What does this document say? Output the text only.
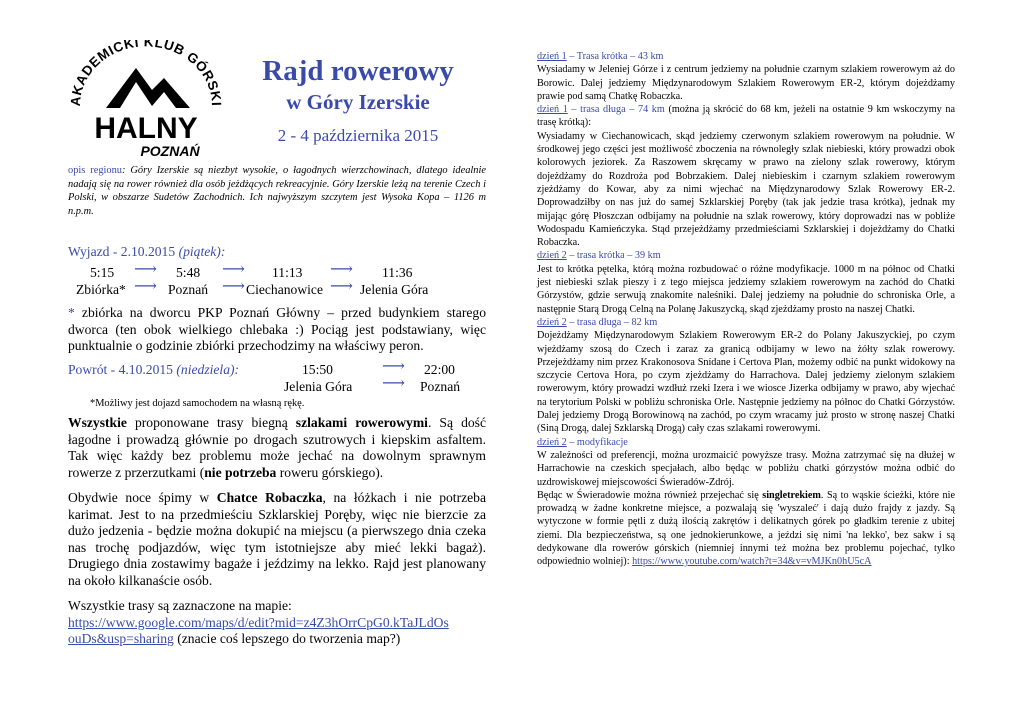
AKADEMICKI KLUB GÓRSKI
HALNY
POZNAŃ
Rajd rowerowy
w Góry Izerskie
2 - 4 października 2015
opis regionu: Góry Izerskie są niezbyt wysokie, o łagodnych wierzchowinach, dlatego idealnie nadają się na rower również dla osób jeżdżących rekreacyjnie. Góry Izerskie leżą na terenie Czech i Polski, w obszarze Sudetów Zachodnich. Ich najwyższym szczytem jest Wysoka Kopa – 1126 m n.p.m.
Wyjazd - 2.10.2015 (piątek):
5:15 ⟶ 5:48 ⟶ 11:13 ⟶ 11:36
Zbiórka* ⟶ Poznań ⟶ Ciechanowice ⟶ Jelenia Góra
* zbiórka na dworcu PKP Poznań Główny – przed budynkiem starego dworca (ten obok wielkiego chlebaka :) Pociąg jest podstawiany, więc punktualnie o godzinie zbiórki przechodzimy na właściwy peron.
Powrót - 4.10.2015 (niedziela):	15:50	⟶ 22:00
Jelenia Góra ⟶ Poznań
*Możliwy jest dojazd samochodem na własną rękę.
Wszystkie proponowane trasy biegną szlakami rowerowymi. Są dość łagodne i prowadzą głównie po drogach szutrowych i kiepskim asfaltem. Tak więc każdy bez problemu może jechać na dowolnym sprawnym rowerze z przerzutkami (nie potrzeba roweru górskiego).
Obydwie noce śpimy w Chatce Robaczka, na łóżkach i nie potrzeba karimat. Jest to na przedmieściu Szklarskiej Poręby, więc nie bierzcie za dużo jedzenia - będzie można dokupić na miejscu (a pierwszego dnia czeka nas trochę podjazdów, więc tym istotniejsze aby mieć lekki bagaż). Drugiego dnia zostawimy bagaże i jeździmy na lekko. Rajd jest planowany na około kilkanaście osób.
Wszystkie trasy są zaznaczone na mapie:
https://www.google.com/maps/d/edit?mid=z4Z3hOrrCpG0.kTaJLdOs
ouDs&usp=sharing (znacie coś lepszego do tworzenia map?)

dzień 1 – Trasa krótka – 43 km

Wysiadamy w Jeleniej Górze i z centrum jedziemy na południe czarnym szlakiem rowerowym aż do Borowic. Dalej jedziemy Międzynarodowym Szlakiem Rowerowym ER-2, którym dojeżdżamy prawie pod samą Chatkę Robaczka.

dzień 1 – trasa długa – 74 km (można ją skrócić do 68 km, jeżeli na ostatnie 9 km wskoczymy na trasę krótką):

Wysiadamy w Ciechanowicach, skąd jedziemy czerwonym szlakiem rowerowym na południe. W środkowej jego części jest możliwość zboczenia na równoległy szlak niebieski, który prowadzi obok kolorowych jeziorek. Za Raszowem skręcamy w prawo na zielony szlak rowerowy, którym dojeżdżamy do Rozdroża pod Bobrzakiem. Dalej niebieskim i czarnym szlakiem rowerowym zjeżdżamy do Kowar, aby za nimi wjechać na Międzynarodowy Szlak Rowerowy ER-2. Doprowadziłby on nas już do samej Szklarskiej Poręby (tak jak jedzie trasa krótka), jednak my mijając górę Płoszczan odbijamy na południe na szlak rowerowy, który doprowadzi nas w pobliże Wodospadu Kamieńczyka. Stąd przejeżdżamy przedmieściami Szklarskiej i dojeżdżamy do Chatki Robaczka.

dzień 2 – trasa krótka – 39 km

Jest to krótka pętelka, którą można rozbudować o różne modyfikacje. 1000 m na północ od Chatki jest niebieski szlak pieszy i z tego miejsca jedziemy szlakiem rowerowym na zachód do Chatki Górzystów, gdzie serwują znakomite naleśniki. Dalej jedziemy na południe do schroniska Orle, a następnie Starą Drogą Celną na Polanę Jakuszycką, skąd zjeżdżamy prosto na naszej Chatki.

dzień 2 – trasa długa – 82 km

Dojeżdżamy Międzynarodowym Szlakiem Rowerowym ER-2 do Polany Jakuszyckiej, po czym wjeżdżamy szosą do Czech i zaraz za granicą odbijamy w lewo na żółty szlak rowerowy. Przejeżdżamy nim przez Krakonosova Snídane i Certova Plan, możemy odbić na punkt widokowy na szczycie Certova Hora, po czym zjeżdżamy do Harrachova. Dalej jedziemy zielonym szlakiem rowerowym, który prowadzi wzdłuż rzeki Izera i we wiosce Jizerka odbijamy w prawo, aby wjechać na terytorium Polski w pobliżu schroniska Orle. Następnie jedziemy na północ do Chatki Górzystów. Dalej jedziemy Drogą Borowinową na zachód, po czym wracamy już prosto w stronę naszej Chatki (Siną Drogą, dalej Szklarską Drogą) cały czas szlakami rowerowymi.

dzień 2 – modyfikacje

W zależności od preferencji, można urozmaicić powyższe trasy. Można zatrzymać się na dłużej w Harrachowie na czeskich specjałach, albo będąc w pobliżu chatki górzystów można odbić do uzdrowiskowej miejscowości Świeradów-Zdrój.

Będąc w Świeradowie można również przejechać się singletrekiem. Są to wąskie ścieżki, które nie prowadzą w żadne konkretne miejsce, a pozwalają się 'wyszaleć' i dają dużo frajdy z jazdy. Są wytyczone w formie pętli z dużą ilością zakrętów i delikatnych górek po gładkim terenie z ubitej ziemi. Dla bezpieczeństwa, są one jednokierunkowe, a jeździ się nimi 'na lekko', bez sakw i są dedykowane dla rowerów górskich (niemniej innymi też można bez problemu pojechać, tylko odpowiednio wolniej): https://www.youtube.com/watch?t=34&v=vMJKn0hU5cA
